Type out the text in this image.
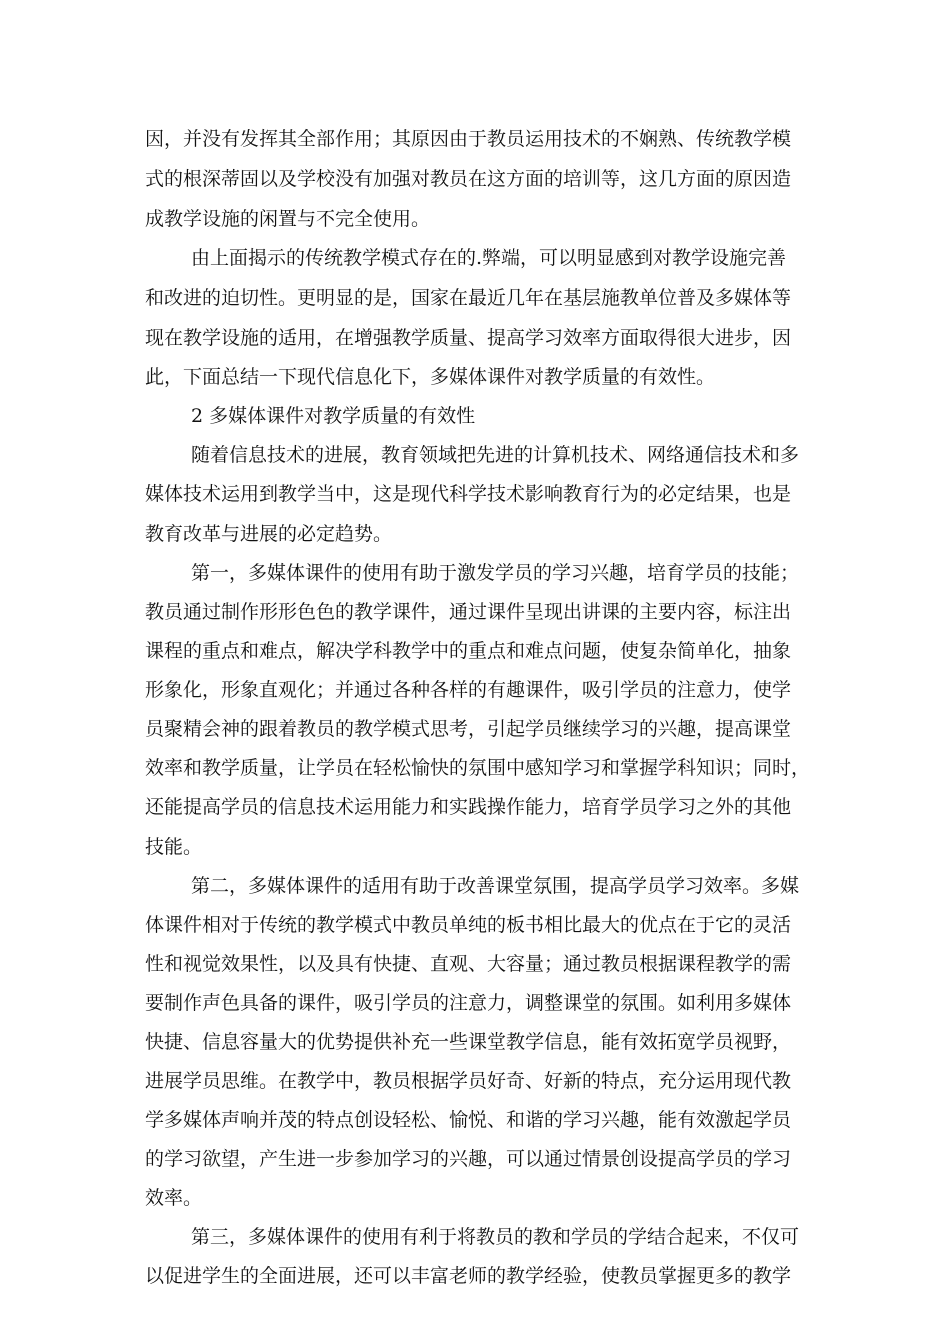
因，并没有发挥其全部作用；其原因由于教员运用技术的不娴熟、传统教学模
式的根深蒂固以及学校没有加强对教员在这方面的培训等，这几方面的原因造
成教学设施的闲置与不完全使用。
由上面揭示的传统教学模式存在的.弊端，可以明显感到对教学设施完善
和改进的迫切性。更明显的是，国家在最近几年在基层施教单位普及多媒体等
现在教学设施的适用，在增强教学质量、提高学习效率方面取得很大进步，因
此，下面总结一下现代信息化下，多媒体课件对教学质量的有效性。
2 多媒体课件对教学质量的有效性
随着信息技术的进展，教育领域把先进的计算机技术、网络通信技术和多
媒体技术运用到教学当中，这是现代科学技术影响教育行为的必定结果，也是
教育改革与进展的必定趋势。
第一，多媒体课件的使用有助于激发学员的学习兴趣，培育学员的技能；
教员通过制作形形色色的教学课件，通过课件呈现出讲课的主要内容，标注出
课程的重点和难点，解决学科教学中的重点和难点问题，使复杂简单化，抽象
形象化，形象直观化；并通过各种各样的有趣课件，吸引学员的注意力，使学
员聚精会神的跟着教员的教学模式思考，引起学员继续学习的兴趣，提高课堂
效率和教学质量，让学员在轻松愉快的氛围中感知学习和掌握学科知识；同时，
还能提高学员的信息技术运用能力和实践操作能力，培育学员学习之外的其他
技能。
第二，多媒体课件的适用有助于改善课堂氛围，提高学员学习效率。多媒
体课件相对于传统的教学模式中教员单纯的板书相比最大的优点在于它的灵活
性和视觉效果性，以及具有快捷、直观、大容量；通过教员根据课程教学的需
要制作声色具备的课件，吸引学员的注意力，调整课堂的氛围。如利用多媒体
快捷、信息容量大的优势提供补充一些课堂教学信息，能有效拓宽学员视野，
进展学员思维。在教学中，教员根据学员好奇、好新的特点，充分运用现代教
学多媒体声响并茂的特点创设轻松、愉悦、和谐的学习兴趣，能有效激起学员
的学习欲望，产生进一步参加学习的兴趣，可以通过情景创设提高学员的学习
效率。
第三，多媒体课件的使用有利于将教员的教和学员的学结合起来，不仅可
以促进学生的全面进展，还可以丰富老师的教学经验，使教员掌握更多的教学
